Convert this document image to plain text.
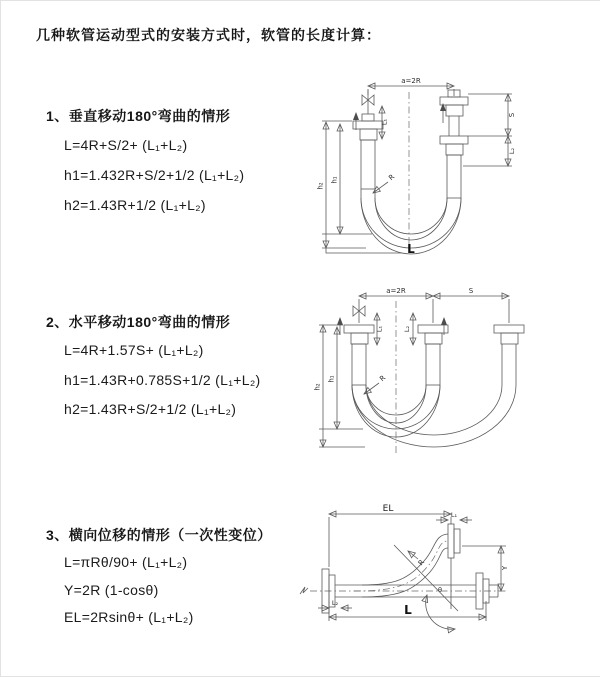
几种软管运动型式的安装方式时，软管的长度计算：
1、垂直移动180°弯曲的情形
L=4R+S/2+ (L₁+L₂)
h1=1.432R+S/2+1/2 (L₁+L₂)
h2=1.43R+1/2 (L₁+L₂)
2、水平移动180°弯曲的情形
L=4R+1.57S+ (L₁+L₂)
h1=1.43R+0.785S+1/2 (L₁+L₂)
h2=1.43R+S/2+1/2 (L₁+L₂)
3、横向位移的情形（一次性变位）
L=πRθ/90+ (L₁+L₂)
Y=2R (1-cosθ)
EL=2Rsinθ+ (L₁+L₂)
a=2R
h₂
h₁
L₁
S
L₂
R
L
a=2R	S
L₁	L₂
h₂
h₁	R
EL
L₁
Y
θ
R
L₂	L
